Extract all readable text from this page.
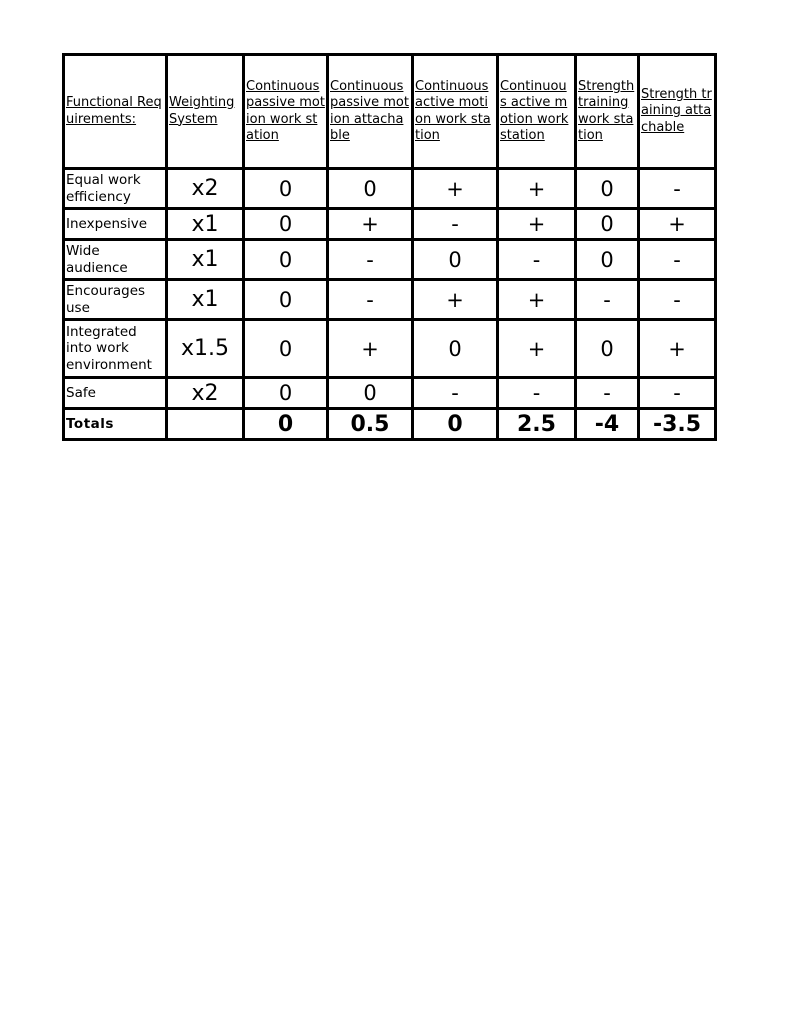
Functional Requirements:	Weighting System	Continuous passive motion work station	Continuous passive motion attachable	Continuous active motion work station	Continuous active motion work station	Strength training work station	Strength training attachable
Equal work efficiency	x2	0	0	+	+	0	-
Inexpensive	x1	0	+	-	+	0	+
Wide audience	x1	0	-	0	-	0	-
Encourages use	x1	0	-	+	+	-	-
Integrated into work environment	x1.5	0	+	0	+	0	+
Safe	x2	0	0	-	-	-	-
Totals		0	0.5	0	2.5	-4	-3.5
